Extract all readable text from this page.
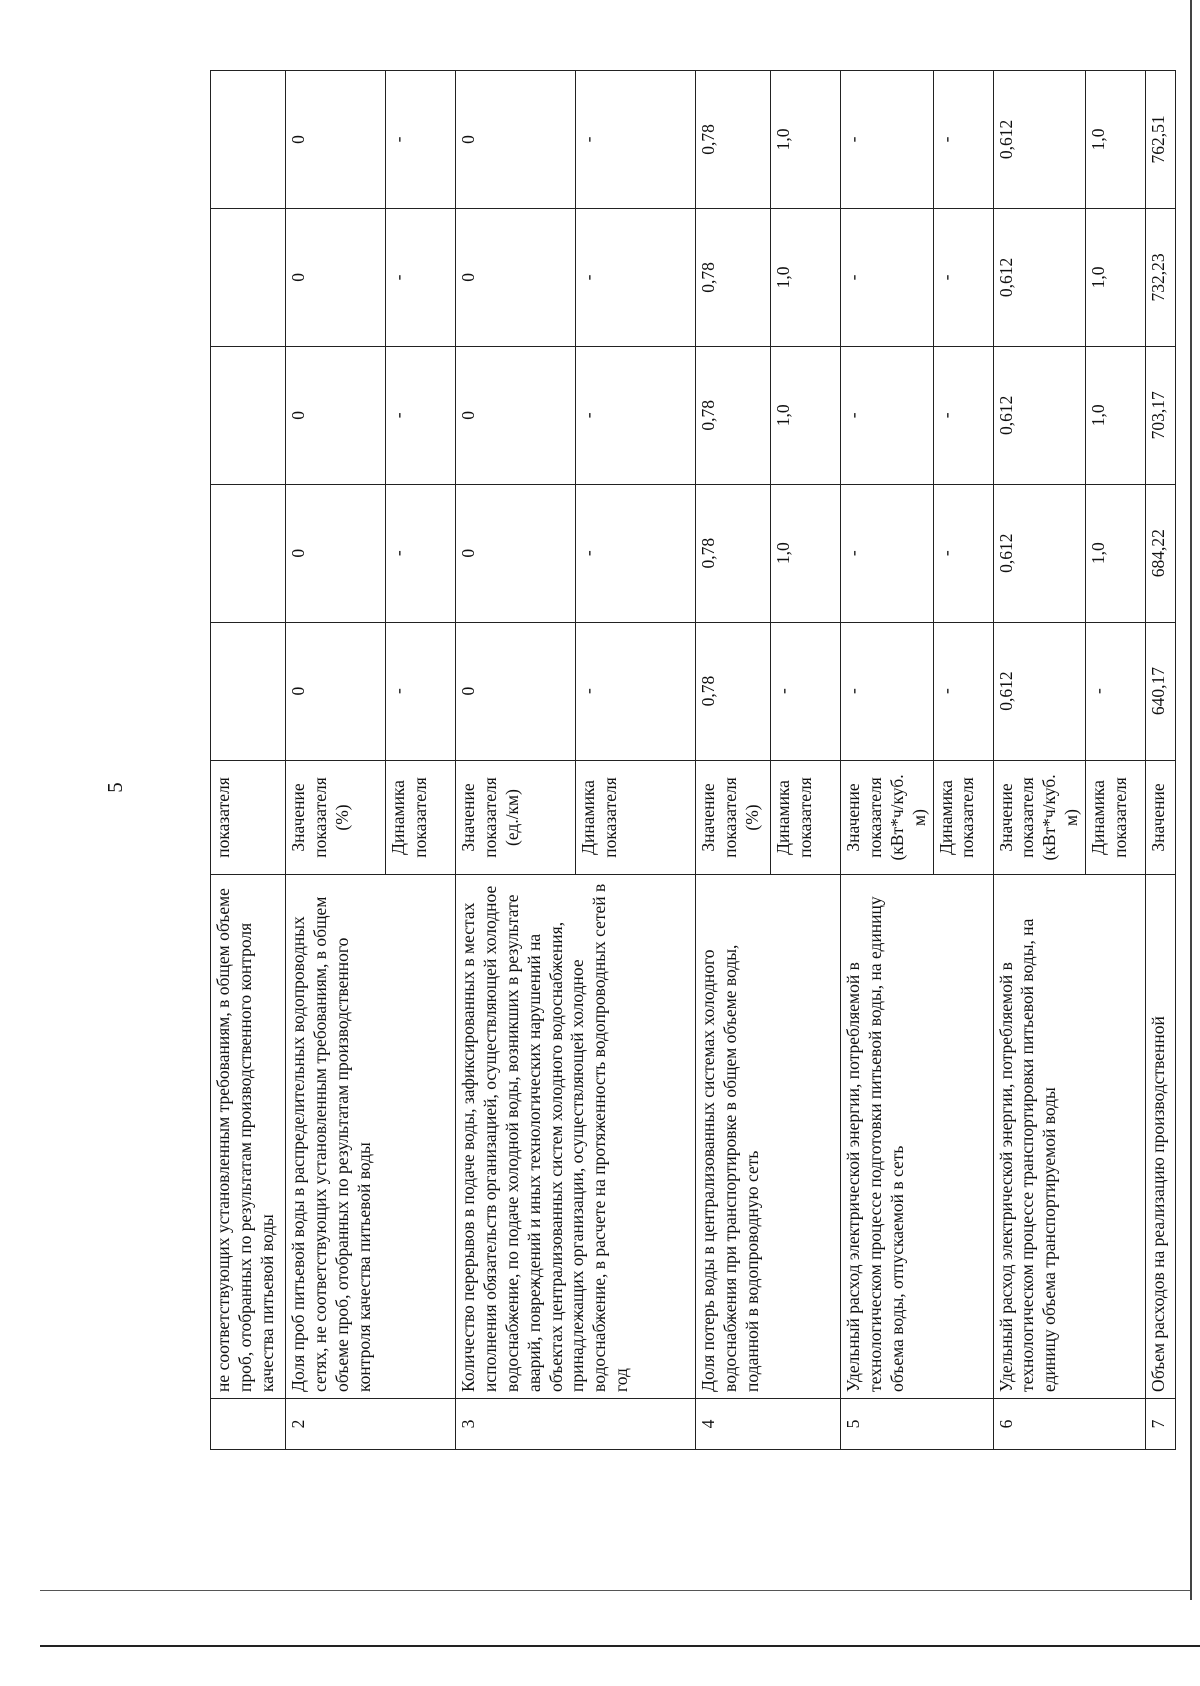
5
	не соответствующих установленным требованиям, в общем объеме проб, отобранных по результатам производственного контроля качества питьевой воды	показателя					
2	Доля проб питьевой воды в распределительных водопроводных сетях, не соответствующих установленным требованиям, в общем объеме проб, отобранных по результатам производственного контроля качества питьевой воды	Значение показателя (%)	0	0	0	0	0
		Динамика показателя	-	-	-	-	-
3	Количество перерывов в подаче воды, зафиксированных в местах исполнения обязательств организацией, осуществляющей холодное водоснабжение, по подаче холодной воды, возникших в результате аварий, повреждений и иных технологических нарушений на объектах централизованных систем холодного водоснабжения, принадлежащих организации, осуществляющей холодное водоснабжение, в расчете на протяженность водопроводных сетей в год	Значение показателя (ед./км)	0	0	0	0	0
		Динамика показателя	-	-	-	-	-
4	Доля потерь воды в централизованных системах холодного водоснабжения при транспортировке в общем объеме воды, поданной в водопроводную сеть	Значение показателя (%)	0,78	0,78	0,78	0,78	0,78
		Динамика показателя	-	1,0	1,0	1,0	1,0
5	Удельный расход электрической энергии, потребляемой в технологическом процессе подготовки питьевой воды, на единицу объема воды, отпускаемой в сеть	Значение показателя (кВт*ч/куб. м)	-	-	-	-	-
		Динамика показателя	-	-	-	-	-
6	Удельный расход электрической энергии, потребляемой в технологическом процессе транспортировки питьевой воды, на единицу объема транспортируемой воды	Значение показателя (кВт*ч/куб. м)	0,612	0,612	0,612	0,612	0,612
		Динамика показателя	-	1,0	1,0	1,0	1,0
7	Объем расходов на реализацию производственной	Значение	640,17	684,22	703,17	732,23	762,51
